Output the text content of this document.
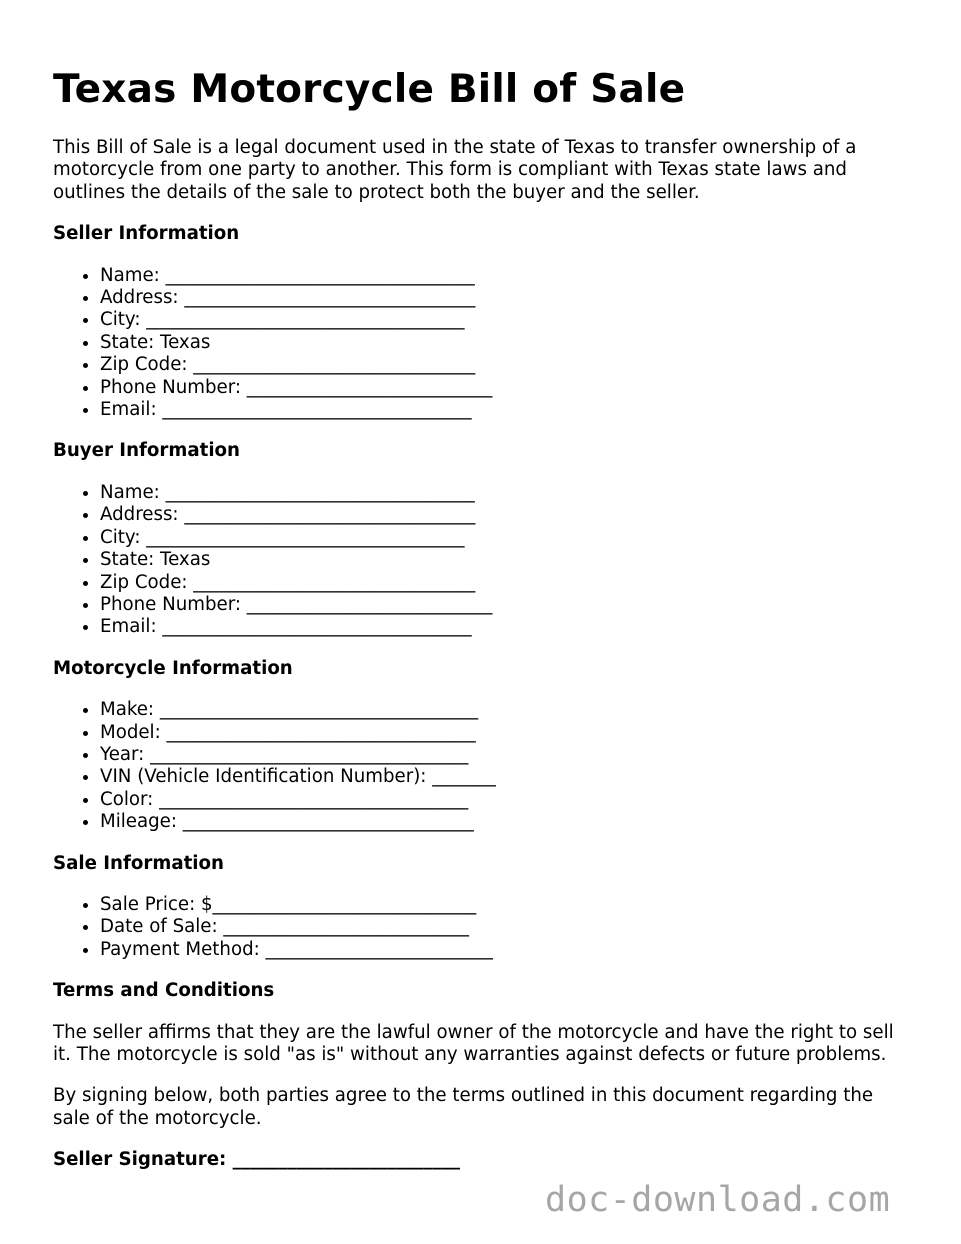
Texas Motorcycle Bill of Sale

This Bill of Sale is a legal document used in the state of Texas to transfer ownership of a motorcycle from one party to another. This form is compliant with Texas state laws and outlines the details of the sale to protect both the buyer and the seller.

Seller Information
• Name: __________________________________
• Address: ________________________________
• City: ___________________________________
• State: Texas
• Zip Code: _______________________________
• Phone Number: ___________________________
• Email: __________________________________
Buyer Information
• Name: __________________________________
• Address: ________________________________
• City: ___________________________________
• State: Texas
• Zip Code: _______________________________
• Phone Number: ___________________________
• Email: __________________________________
Motorcycle Information
• Make: ___________________________________
• Model: __________________________________
• Year: ___________________________________
• VIN (Vehicle Identification Number): _______
• Color: __________________________________
• Mileage: ________________________________
Sale Information
• Sale Price: $_____________________________
• Date of Sale: ___________________________
• Payment Method: _________________________
Terms and Conditions

The seller affirms that they are the lawful owner of the motorcycle and have the right to sell it. The motorcycle is sold "as is" without any warranties against defects or future problems.

By signing below, both parties agree to the terms outlined in this document regarding the sale of the motorcycle.

Seller Signature: _________________________

doc-download.com
